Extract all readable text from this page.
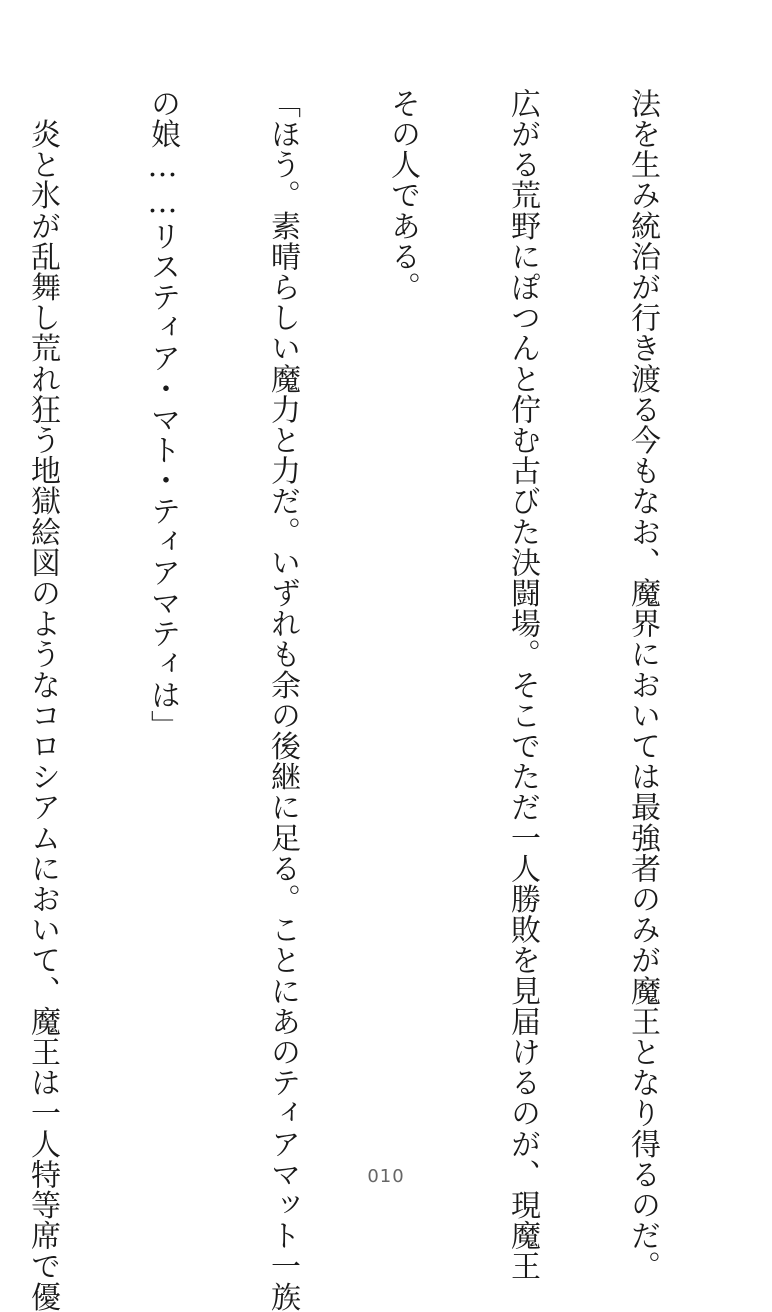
法を生み統治が行き渡る今もなお、魔界においては最強者のみが魔王となり得るのだ。

広がる荒野にぽつんと佇む古びた決闘場。そこでただ一人勝敗を見届けるのが、現魔王

その人である。

「ほう。素晴らしい魔力と力だ。いずれも余の後継に足る。ことにあのティアマット一族

の娘……リスティア・マト・ティアマティは」

　炎と氷が乱舞し荒れ狂う地獄絵図のようなコロシアムにおいて、魔王は一人特等席で優

	010
